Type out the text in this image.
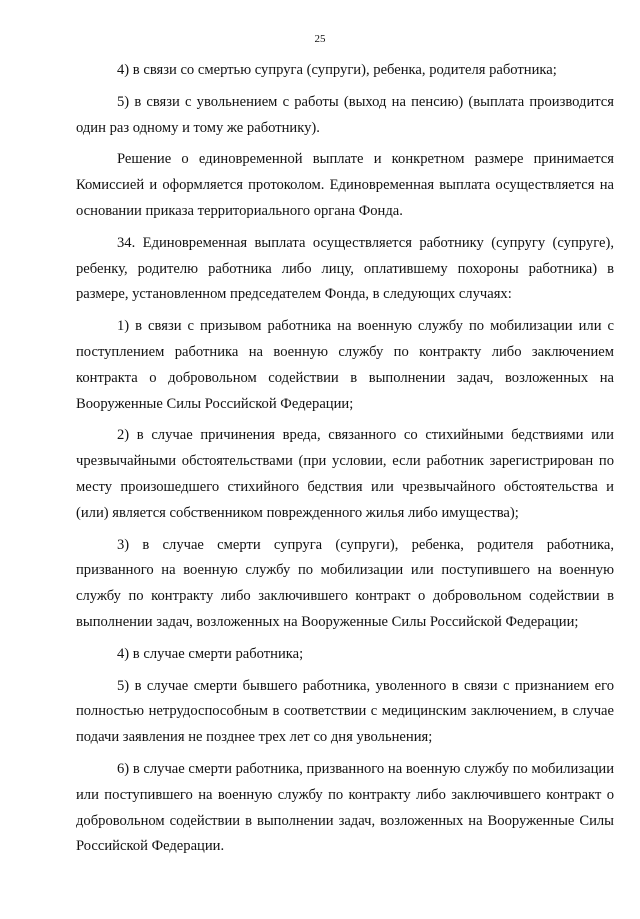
25

4) в связи со смертью супруга (супруги), ребенка, родителя работника;

5) в связи с увольнением с работы (выход на пенсию) (выплата производится один раз одному и тому же работнику).

Решение о единовременной выплате и конкретном размере принимается Комиссией и оформляется протоколом. Единовременная выплата осуществляется на основании приказа территориального органа Фонда.

34. Единовременная выплата осуществляется работнику (супругу (супруге), ребенку, родителю работника либо лицу, оплатившему похороны работника) в размере, установленном председателем Фонда, в следующих случаях:

1) в связи с призывом работника на военную службу по мобилизации или с поступлением работника на военную службу по контракту либо заключением контракта о добровольном содействии в выполнении задач, возложенных на Вооруженные Силы Российской Федерации;

2) в случае причинения вреда, связанного со стихийными бедствиями или чрезвычайными обстоятельствами (при условии, если работник зарегистрирован по месту произошедшего стихийного бедствия или чрезвычайного обстоятельства и (или) является собственником поврежденного жилья либо имущества);

3) в случае смерти супруга (супруги), ребенка, родителя работника, призванного на военную службу по мобилизации или поступившего на военную службу по контракту либо заключившего контракт о добровольном содействии в выполнении задач, возложенных на Вооруженные Силы Российской Федерации;

4) в случае смерти работника;

5) в случае смерти бывшего работника, уволенного в связи с признанием его полностью нетрудоспособным в соответствии с медицинским заключением, в случае подачи заявления не позднее трех лет со дня увольнения;

6) в случае смерти работника, призванного на военную службу по мобилизации или поступившего на военную службу по контракту либо заключившего контракт о добровольном содействии в выполнении задач, возложенных на Вооруженные Силы Российской Федерации.
